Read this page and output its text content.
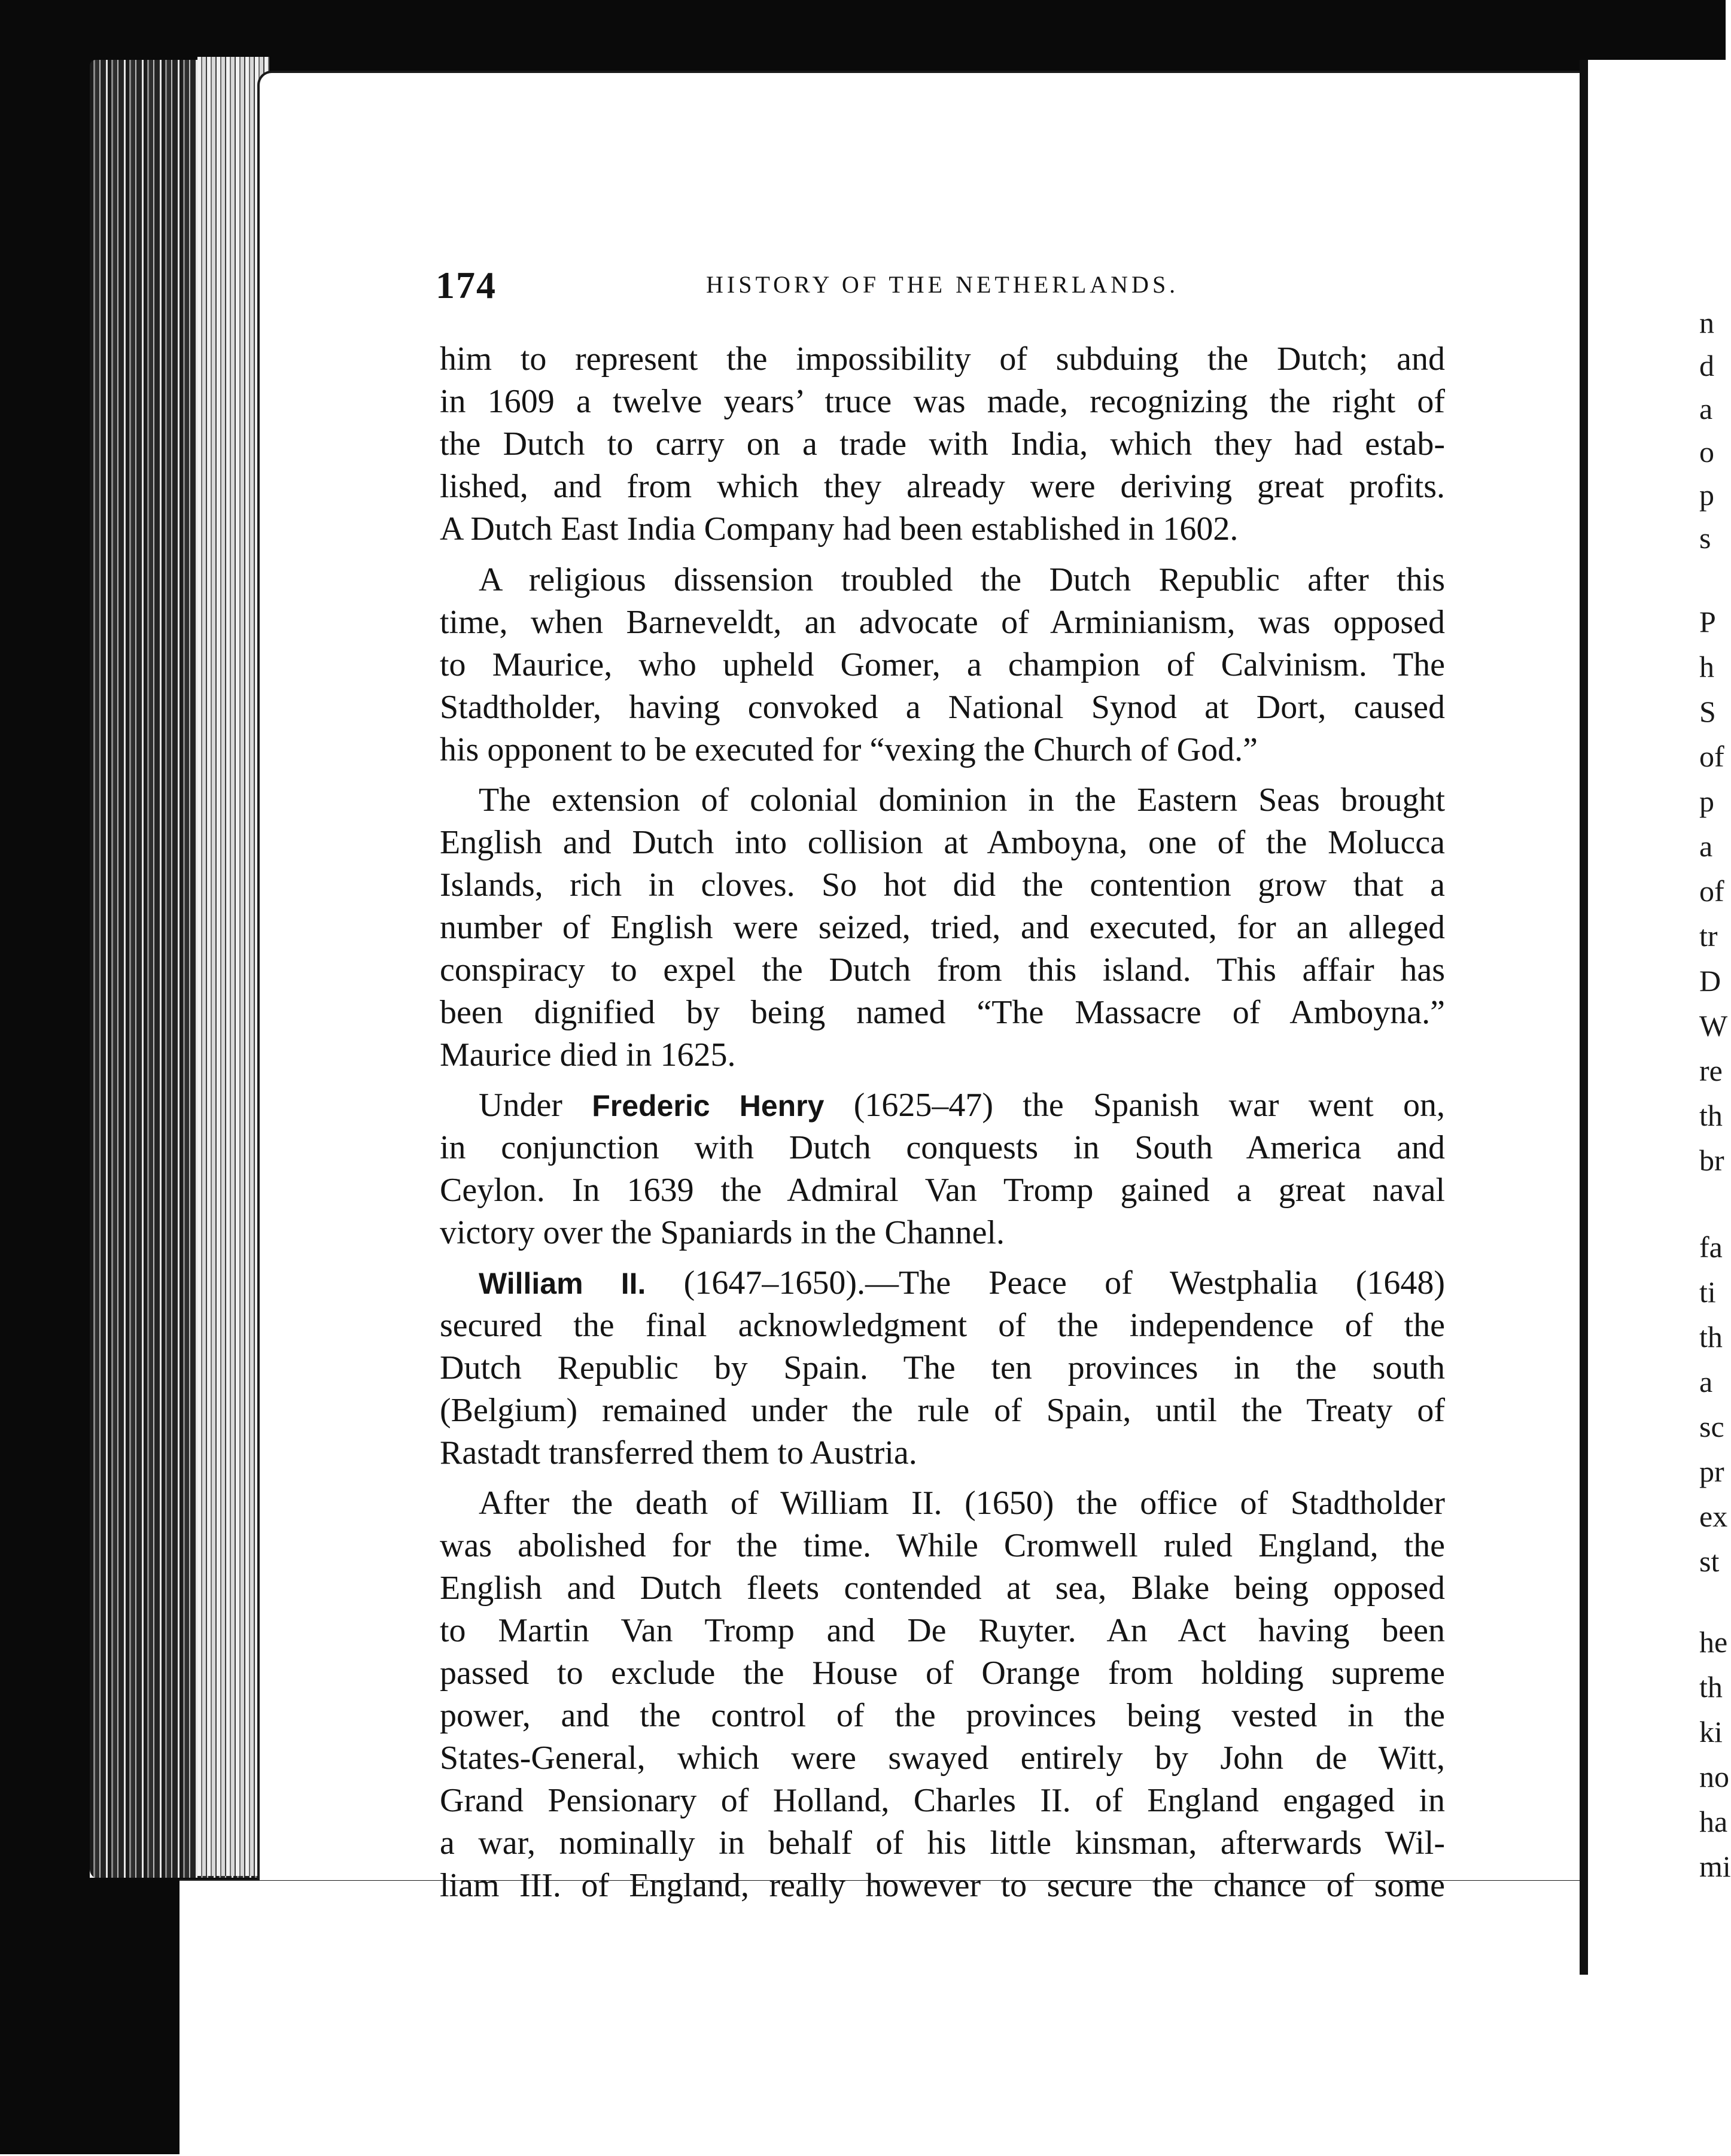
174	HISTORY OF THE NETHERLANDS.
him to represent the impossibility of subduing the Dutch; and
in 1609 a twelve years’ truce was made, recognizing the right of
the Dutch to carry on a trade with India, which they had estab-
lished, and from which they already were deriving great profits.
A Dutch East India Company had been established in 1602.
A religious dissension troubled the Dutch Republic after this
time, when Barneveldt, an advocate of Arminianism, was opposed
to Maurice, who upheld Gomer, a champion of Calvinism. The
Stadtholder, having convoked a National Synod at Dort, caused
his opponent to be executed for “vexing the Church of God.”
The extension of colonial dominion in the Eastern Seas brought
English and Dutch into collision at Amboyna, one of the Molucca
Islands, rich in cloves. So hot did the contention grow that a
number of English were seized, tried, and executed, for an alleged
conspiracy to expel the Dutch from this island. This affair has
been dignified by being named “The Massacre of Amboyna.”
Maurice died in 1625.
Under Frederic Henry (1625–47) the Spanish war went on,
in conjunction with Dutch conquests in South America and
Ceylon. In 1639 the Admiral Van Tromp gained a great naval
victory over the Spaniards in the Channel.
William II. (1647–1650).—The Peace of Westphalia (1648)
secured the final acknowledgment of the independence of the
Dutch Republic by Spain. The ten provinces in the south
(Belgium) remained under the rule of Spain, until the Treaty of
Rastadt transferred them to Austria.
After the death of William II. (1650) the office of Stadtholder
was abolished for the time. While Cromwell ruled England, the
English and Dutch fleets contended at sea, Blake being opposed
to Martin Van Tromp and De Ruyter. An Act having been
passed to exclude the House of Orange from holding supreme
power, and the control of the provinces being vested in the
States-General, which were swayed entirely by John de Witt,
Grand Pensionary of Holland, Charles II. of England engaged in
a war, nominally in behalf of his little kinsman, afterwards Wil-
liam III. of England, really however to secure the chance of some
n
d
a
o
p
s
P
h
S
of
p
a
of
tr
D
W
re
th
br
fa
ti
th
a
sc
pr
ex
st
he
th
ki
no
ha
mi
